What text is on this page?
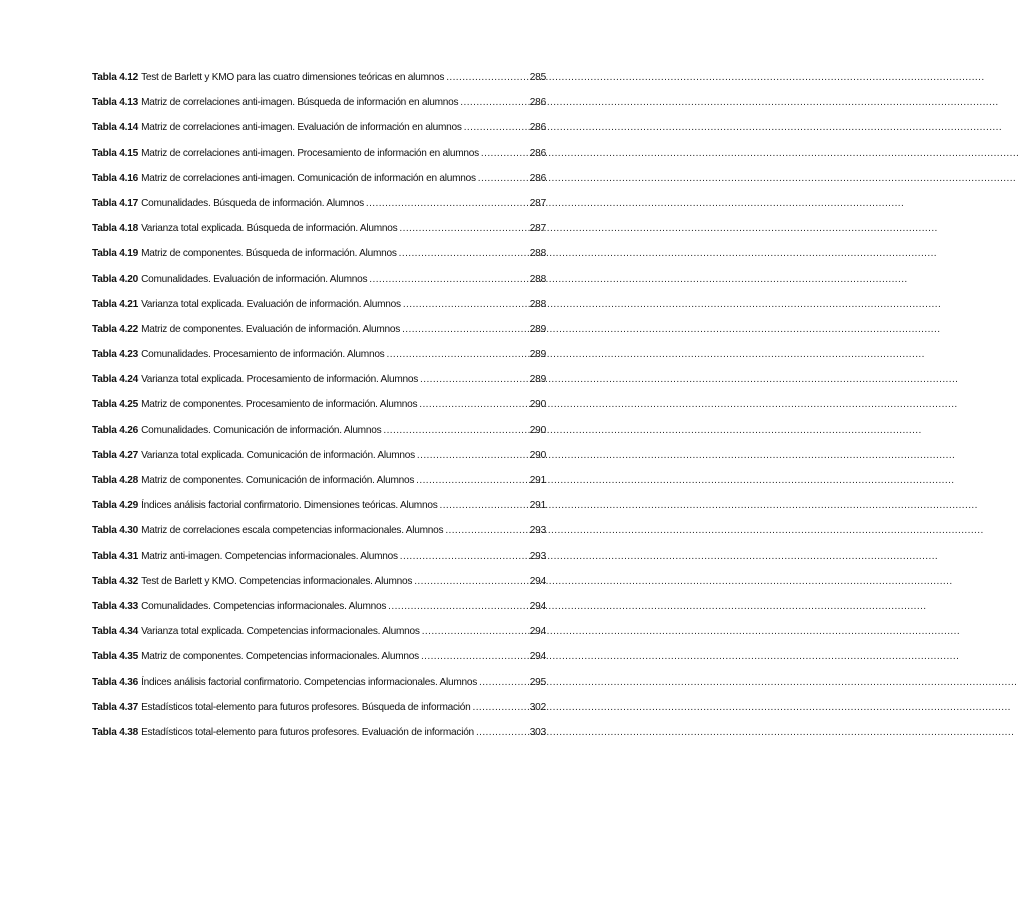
Tabla 4.12 Test de Barlett y KMO para las cuatro dimensiones teóricas en alumnos .....	285
Tabla 4.13 Matriz de correlaciones anti-imagen. Búsqueda de información en alumnos .....	286
Tabla 4.14 Matriz de correlaciones anti-imagen. Evaluación de información en alumnos .....	286
Tabla 4.15 Matriz de correlaciones anti-imagen. Procesamiento de información en alumnos .....	286
Tabla 4.16 Matriz de correlaciones anti-imagen. Comunicación de información en alumnos .....	286
Tabla 4.17 Comunalidades. Búsqueda de información. Alumnos .....	287
Tabla 4.18 Varianza total explicada. Búsqueda de información. Alumnos .....	287
Tabla 4.19 Matriz de componentes. Búsqueda de información. Alumnos .....	288
Tabla 4.20 Comunalidades. Evaluación de información. Alumnos .....	288
Tabla 4.21 Varianza total explicada. Evaluación de información. Alumnos .....	288
Tabla 4.22 Matriz de componentes. Evaluación de información. Alumnos .....	289
Tabla 4.23 Comunalidades. Procesamiento de información. Alumnos .....	289
Tabla 4.24 Varianza total explicada. Procesamiento de información. Alumnos .....	289
Tabla 4.25 Matriz de componentes. Procesamiento de información. Alumnos .....	290
Tabla 4.26 Comunalidades. Comunicación de información. Alumnos .....	290
Tabla 4.27 Varianza total explicada. Comunicación de información. Alumnos .....	290
Tabla 4.28 Matriz de componentes. Comunicación de información. Alumnos .....	291
Tabla 4.29 Índices análisis factorial confirmatorio. Dimensiones teóricas. Alumnos .....	291
Tabla 4.30 Matriz de correlaciones escala competencias informacionales. Alumnos .....	293
Tabla 4.31 Matriz anti-imagen. Competencias informacionales. Alumnos .....	293
Tabla 4.32 Test de Barlett y KMO. Competencias informacionales. Alumnos .....	294
Tabla 4.33 Comunalidades. Competencias informacionales. Alumnos .....	294
Tabla 4.34 Varianza total explicada. Competencias informacionales. Alumnos .....	294
Tabla 4.35 Matriz de componentes. Competencias informacionales. Alumnos .....	294
Tabla 4.36 Índices análisis factorial confirmatorio. Competencias informacionales. Alumnos .....	295
Tabla 4.37 Estadísticos total-elemento para futuros profesores. Búsqueda de información .....	302
Tabla 4.38 Estadísticos total-elemento para futuros profesores. Evaluación de información .....	303
